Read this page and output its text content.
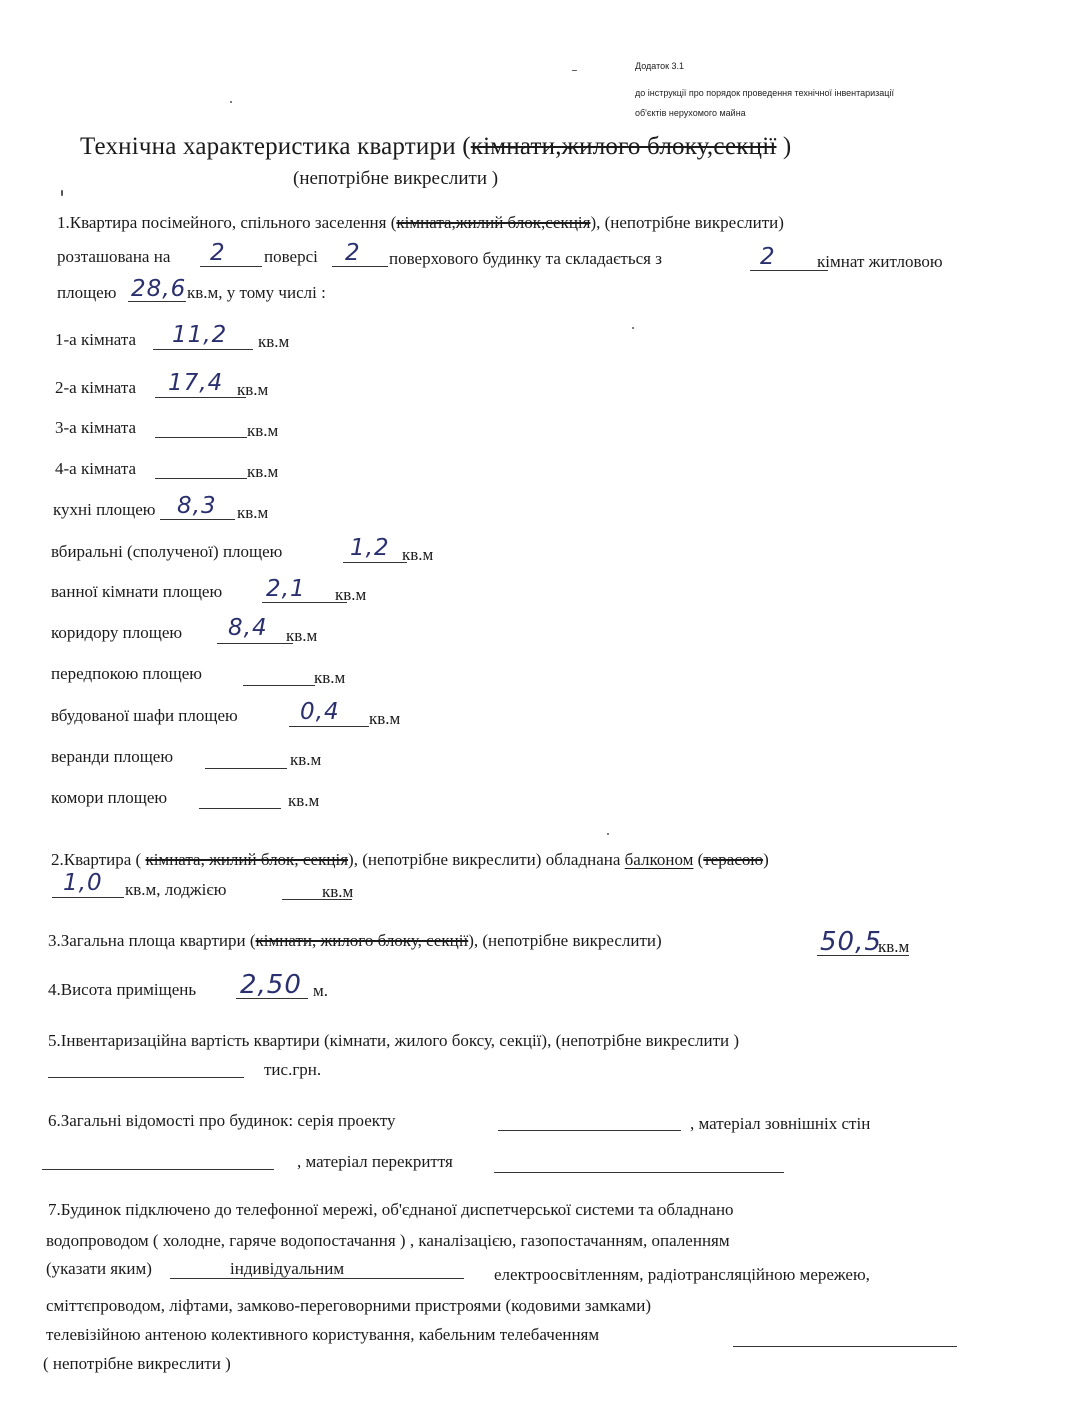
Додаток 3.1
до інструкції про порядок проведення технічної інвентаризації
об'єктів нерухомого майна
Технічна характеристика квартири (кімнати,жилого блоку,секції )
(непотрібне викреслити )
1.Квартира посімейного, спільного заселення (кімната,жилий блок,секція), (непотрібне викреслити)
розташована на 2 поверсі 2 поверхового будинку та складається з	2 кімнат житловою
площею 28,6 кв.м, у тому числі :
1-а кімната 11,2 кв.м
2-а кімната 17,4 кв.м
3-а кімната	кв.м
4-а кімната	кв.м
кухні площею 8,3 кв.м
вбиральні (сполученої) площею	1,2 кв.м
ванної кімнати площею 2,1 кв.м
коридору площею 8,4 кв.м
передпокою площею	кв.м
вбудованої шафи площею	0,4 кв.м
веранди площею	кв.м
комори площею	кв.м
2.Квартира ( кімната, жилий блок, секція), (непотрібне викреслити) обладнана балконом (терасою)
1,0 кв.м, лоджією	кв.м
3.Загальна площа квартири (кімнати, жилого блоку, секції), (непотрібне викреслити)	50,5
кв.м
4.Висота приміщень 2,50 м.
5.Інвентаризаційна вартість квартири (кімнати, жилого боксу, секції), (непотрібне викреслити )
тис.грн.
6.Загальні відомості про будинок: серія проекту	, матеріал зовнішніх стін
, матеріал перекриття
7.Будинок підключено до телефонної мережі, об'єднаної диспетчерської системи та обладнано
водопроводом ( холодне, гаряче водопостачання ) , каналізацією, газопостачанням, опаленням
(указати яким)	індивідуальним	електроосвітленням, радіотрансляційною мережею,
сміттєпроводом, ліфтами, замково-переговорними пристроями (кодовими замками)
телевізійною антеною колективного користування, кабельним телебаченням
( непотрібне викреслити )
